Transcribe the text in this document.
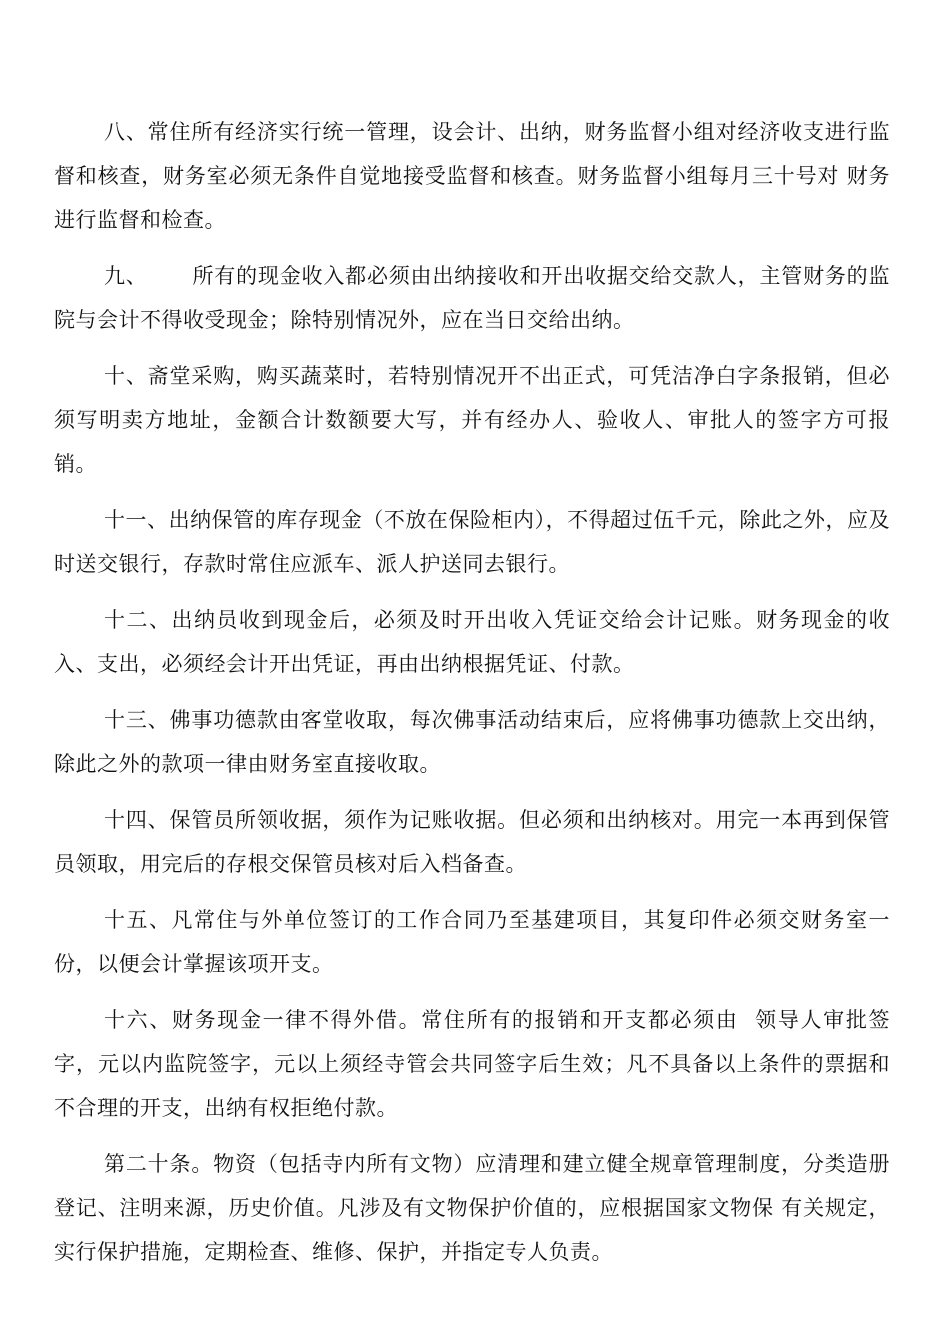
八、常住所有经济实行统一管理，设会计、出纳，财务监督小组对经济收支进行监督和核查，财务室必须无条件自觉地接受监督和核查。财务监督小组每月三十号对 财务进行监督和检查。

九、      所有的现金收入都必须由出纳接收和开出收据交给交款人，主管财务的监院与会计不得收受现金；除特别情况外，应在当日交给出纳。

十、斋堂采购，购买蔬菜时，若特别情况开不出正式，可凭洁净白字条报销，但必须写明卖方地址，金额合计数额要大写，并有经办人、验收人、审批人的签字方可报销。

十一、出纳保管的库存现金（不放在保险柜内），不得超过伍千元，除此之外，应及时送交银行，存款时常住应派车、派人护送同去银行。

十二、出纳员收到现金后，必须及时开出收入凭证交给会计记账。财务现金的收入、支出，必须经会计开出凭证，再由出纳根据凭证、付款。

十三、佛事功德款由客堂收取，每次佛事活动结束后，应将佛事功德款上交出纳，除此之外的款项一律由财务室直接收取。

十四、保管员所领收据，须作为记账收据。但必须和出纳核对。用完一本再到保管员领取，用完后的存根交保管员核对后入档备查。

十五、凡常住与外单位签订的工作合同乃至基建项目，其复印件必须交财务室一份，以便会计掌握该项开支。

十六、财务现金一律不得外借。常住所有的报销和开支都必须由  领导人审批签字，元以内监院签字，元以上须经寺管会共同签字后生效；凡不具备以上条件的票据和不合理的开支，出纳有权拒绝付款。

第二十条。物资（包括寺内所有文物）应清理和建立健全规章管理制度，分类造册登记、注明来源，历史价值。凡涉及有文物保护价值的，应根据国家文物保 有关规定，实行保护措施，定期检查、维修、保护，并指定专人负责。
